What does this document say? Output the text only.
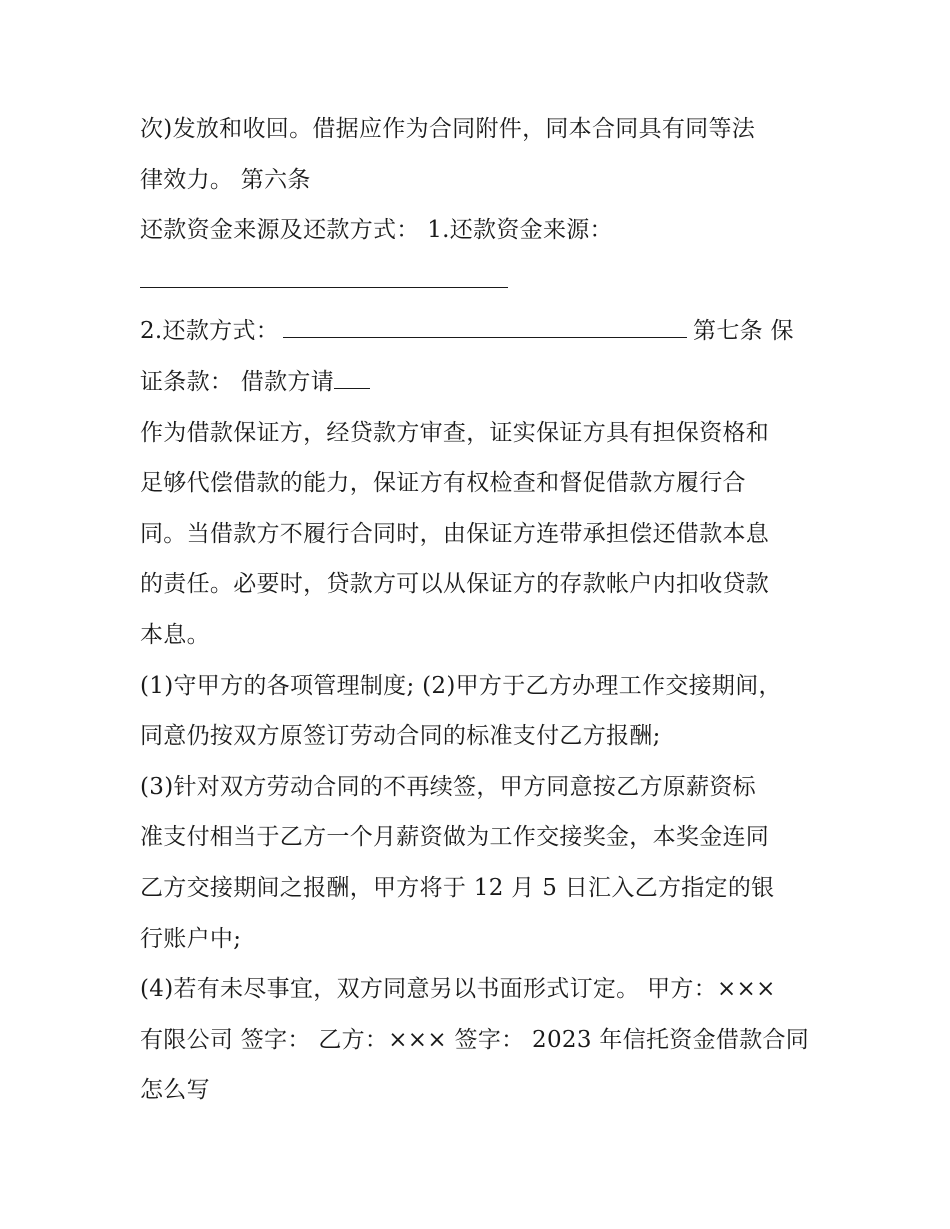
次)发放和收回。借据应作为合同附件，同本合同具有同等法
律效力。 第六条
还款资金来源及还款方式： 1.还款资金来源：
2.还款方式：	第七条 保
证条款： 借款方请
作为借款保证方，经贷款方审查，证实保证方具有担保资格和
足够代偿借款的能力，保证方有权检查和督促借款方履行合
同。当借款方不履行合同时，由保证方连带承担偿还借款本息
的责任。必要时，贷款方可以从保证方的存款帐户内扣收贷款
本息。
(1)守甲方的各项管理制度; (2)甲方于乙方办理工作交接期间，
同意仍按双方原签订劳动合同的标准支付乙方报酬;
(3)针对双方劳动合同的不再续签，甲方同意按乙方原薪资标
准支付相当于乙方一个月薪资做为工作交接奖金，本奖金连同
乙方交接期间之报酬，甲方将于 12 月 5 日汇入乙方指定的银
行账户中;
(4)若有未尽事宜，双方同意另以书面形式订定。 甲方：×××
有限公司 签字： 乙方：××× 签字： 2023 年信托资金借款合同
怎么写
